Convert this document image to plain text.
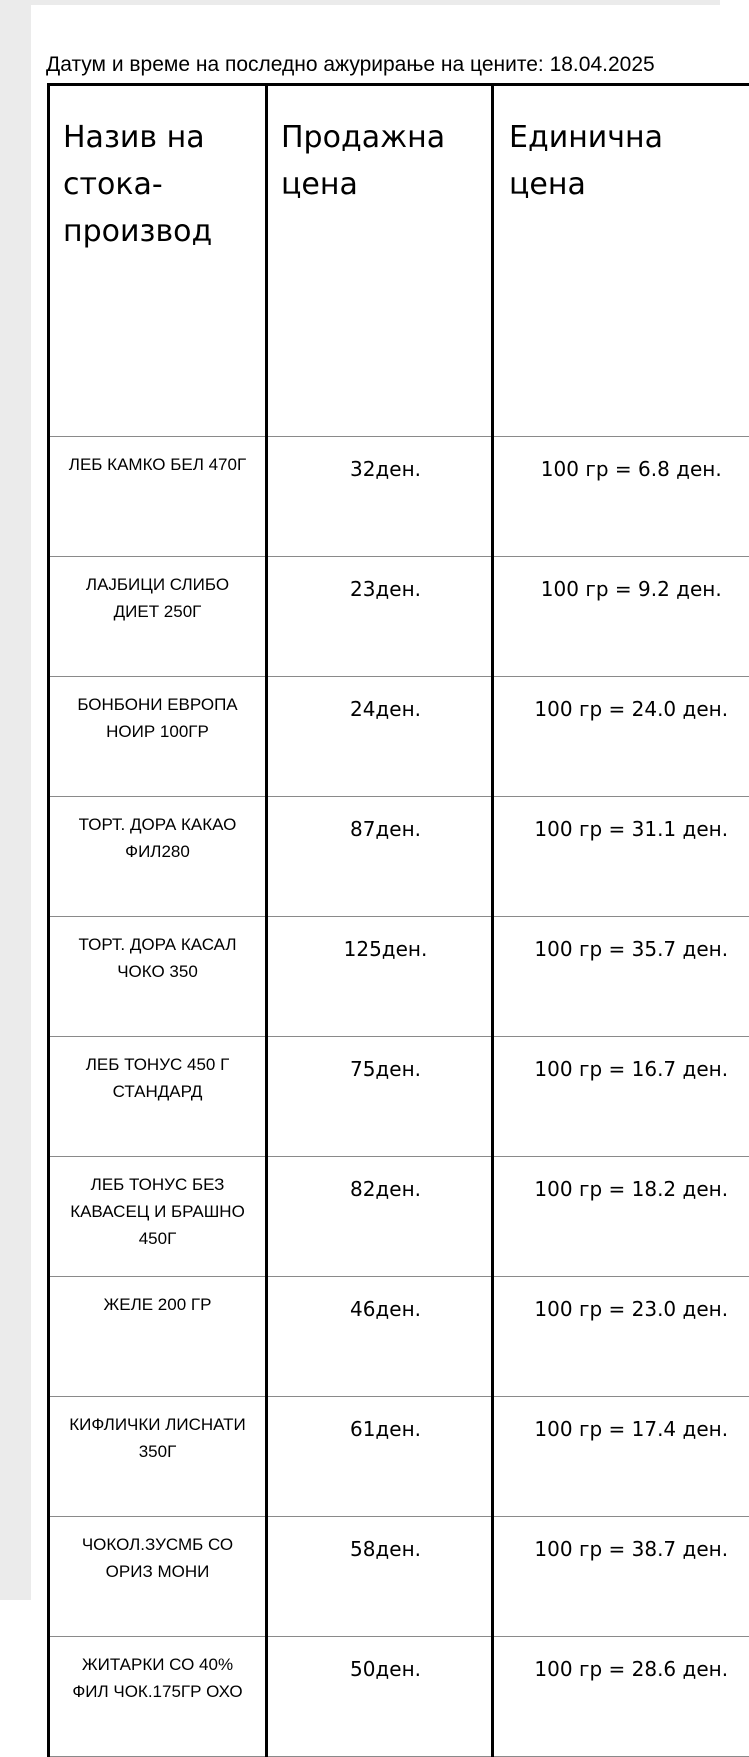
Датум и време на последно ажурирање на цените: 18.04.2025
Назив на стока-производ	Продажна цена	Единична цена
ЛЕБ КАМКО БЕЛ 470Г	32ден.	100 гр = 6.8 ден.
ЛАЈБИЦИ СЛИБО ДИЕТ 250Г	23ден.	100 гр = 9.2 ден.
БОНБОНИ ЕВРОПА НОИР 100ГР	24ден.	100 гр = 24.0 ден.
ТОРТ. ДОРА КАКАО ФИЛ280	87ден.	100 гр = 31.1 ден.
ТОРТ. ДОРА КАСАЛ ЧОКО 350	125ден.	100 гр = 35.7 ден.
ЛЕБ ТОНУС 450 Г СТАНДАРД	75ден.	100 гр = 16.7 ден.
ЛЕБ ТОНУС БЕЗ КАВАСЕЦ И БРАШНО 450Г	82ден.	100 гр = 18.2 ден.
ЖЕЛЕ 200 ГР	46ден.	100 гр = 23.0 ден.
КИФЛИЧКИ ЛИСНАТИ 350Г	61ден.	100 гр = 17.4 ден.
ЧОКОЛ.ЗУСМБ СО ОРИЗ МОНИ	58ден.	100 гр = 38.7 ден.
ЖИТАРКИ СО 40% ФИЛ ЧОК.175ГР ОХО	50ден.	100 гр = 28.6 ден.
